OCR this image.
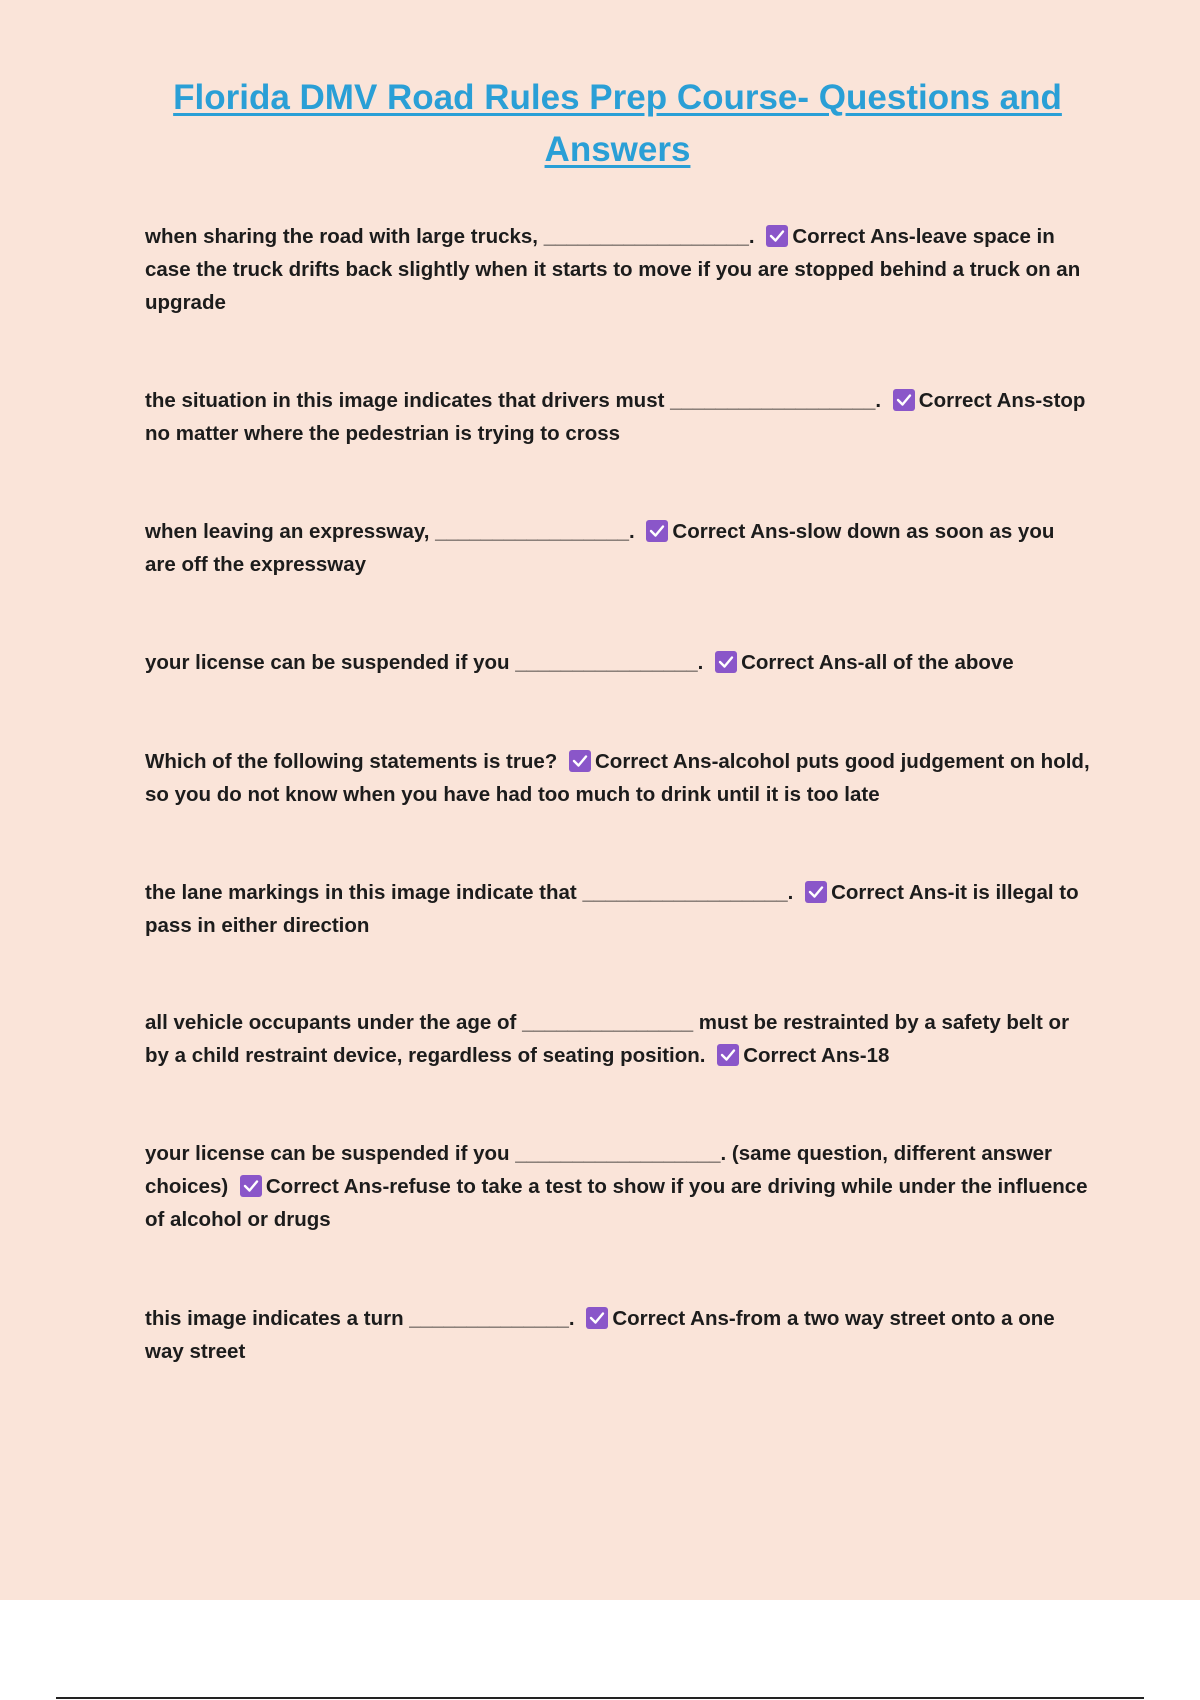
Florida DMV Road Rules Prep Course- Questions and Answers

when sharing the road with large trucks, __________________. Correct Ans-leave space in case the truck drifts back slightly when it starts to move if you are stopped behind a truck on an upgrade

the situation in this image indicates that drivers must __________________. Correct Ans-stop no matter where the pedestrian is trying to cross

when leaving an expressway, _________________. Correct Ans-slow down as soon as you are off the expressway

your license can be suspended if you ________________. Correct Ans-all of the above

Which of the following statements is true? Correct Ans-alcohol puts good judgement on hold, so you do not know when you have had too much to drink until it is too late

the lane markings in this image indicate that __________________. Correct Ans-it is illegal to pass in either direction

all vehicle occupants under the age of _______________ must be restrainted by a safety belt or by a child restraint device, regardless of seating position. Correct Ans-18

your license can be suspended if you __________________. (same question, different answer choices) Correct Ans-refuse to take a test to show if you are driving while under the influence of alcohol or drugs

this image indicates a turn ______________. Correct Ans-from a two way street onto a one way street
